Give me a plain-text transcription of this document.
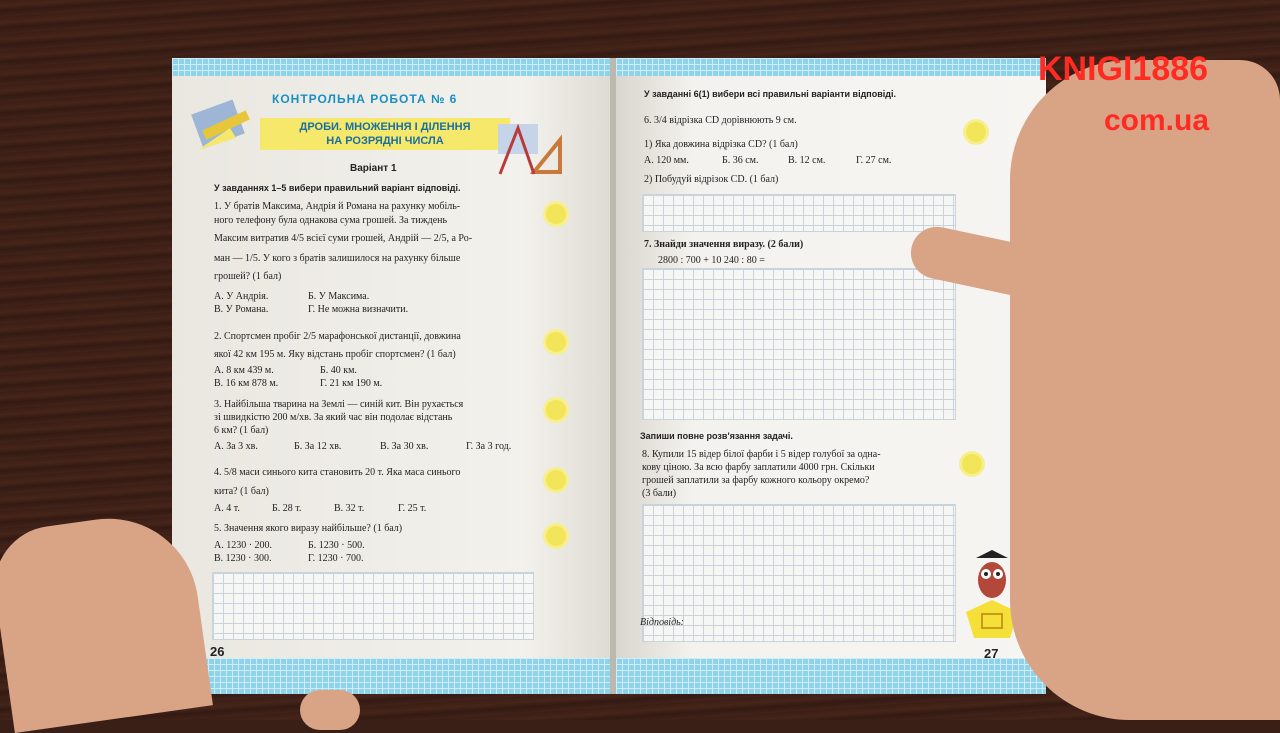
КОНТРОЛЬНА РОБОТА № 6
ДРОБИ. МНОЖЕННЯ І ДІЛЕННЯ
НА РОЗРЯДНІ ЧИСЛА
Варіант 1
У завданнях 1–5 вибери правильний варіант відповіді.
1. У братів Максима, Андрія й Романа на рахунку мобіль-
ного телефону була однакова сума грошей. За тиждень
Максим витратив 4/5 всієї суми грошей, Андрій — 2/5, а Ро-
ман — 1/5. У кого з братів залишилося на рахунку більше
грошей? (1 бал)
А. У Андрія.	Б. У Максима.
В. У Романа.	Г. Не можна визначити.
2. Спортсмен пробіг 2/5 марафонської дистанції, довжина
якої 42 км 195 м. Яку відстань пробіг спортсмен? (1 бал)
А. 8 км 439 м.	Б. 40 км.
В. 16 км 878 м.	Г. 21 км 190 м.
3. Найбільша тварина на Землі — синій кит. Він рухається
зі швидкістю 200 м/хв. За який час він подолає відстань
6 км? (1 бал)
А. За 3 хв.	Б. За 12 хв.	В. За 30 хв.	Г. За 3 год.
4. 5/8 маси синього кита становить 20 т. Яка маса синього
кита? (1 бал)
А. 4 т.	Б. 28 т.	В. 32 т.	Г. 25 т.
5. Значення якого виразу найбільше? (1 бал)
А. 1230 · 200.	Б. 1230 · 500.
В. 1230 · 300.	Г. 1230 · 700.
26
У завданні 6(1) вибери всі правильні варіанти відповіді.
6. 3/4 відрізка CD дорівнюють 9 см.
1) Яка довжина відрізка CD? (1 бал)
А. 120 мм.	Б. 36 см.	В. 12 см.	Г. 27 см.
2) Побудуй відрізок CD. (1 бал)
7. Знайди значення виразу. (2 бали)
2800 : 700 + 10 240 : 80 =
Запиши повне розв'язання задачі.
8. Купили 15 відер білої фарби і 5 відер голубої за одна-
кову ціною. За всю фарбу заплатили 4000 грн. Скільки
грошей заплатили за фарбу кожного кольору окремо?
(3 бали)
Відповідь:
27
KNIGI1886
com.ua
